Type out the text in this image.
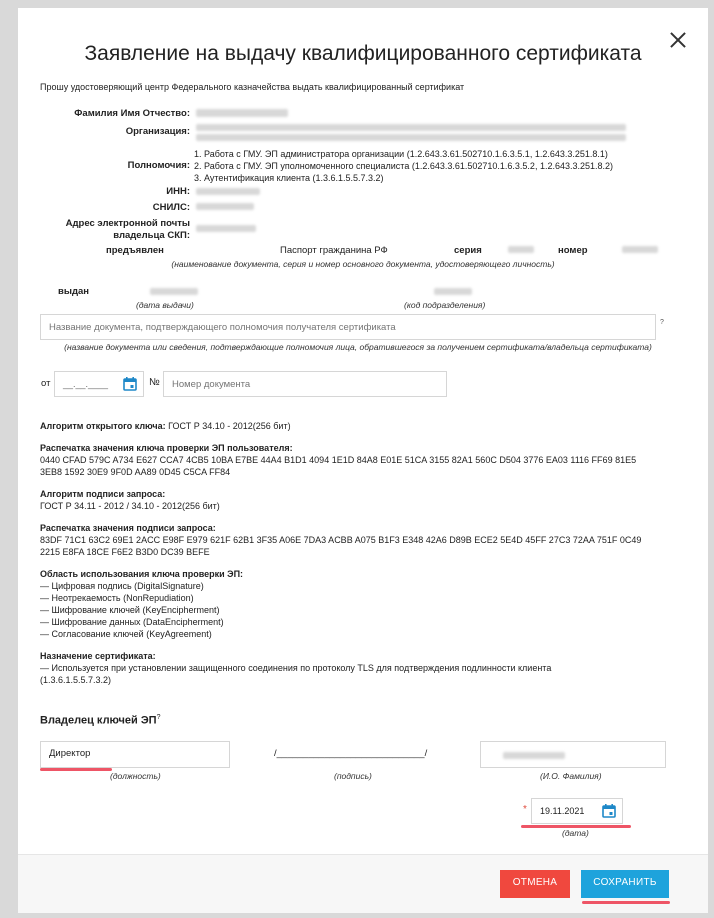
Заявление на выдачу квалифицированного сертификата
Прошу удостоверяющий центр Федерального казначейства выдать квалифицированный сертификат
Фамилия Имя Отчество:
Организация:
Полномочия:
1. Работа с ГМУ. ЭП администратора организации (1.2.643.3.61.502710.1.6.3.5.1, 1.2.643.3.251.8.1)
2. Работа с ГМУ. ЭП уполномоченного специалиста (1.2.643.3.61.502710.1.6.3.5.2, 1.2.643.3.251.8.2)
3. Аутентификация клиента (1.3.6.1.5.5.7.3.2)
ИНН:
СНИЛС:
Адрес электронной почты
владельца СКП:
предъявлен	Паспорт гражданина РФ	серия	номер
(наименование документа, серия и номер основного документа, удостоверяющего личность)
выдан
(дата выдачи)	(код подразделения)
Название документа, подтверждающего полномочия получателя сертификата
?
(название документа или сведения, подтверждающие полномочия лица, обратившегося за получением сертификата/владельца сертификата)
от	__.__.____	№
Номер документа
Алгоритм открытого ключа: ГОСТ Р 34.10 - 2012(256 бит)
Распечатка значения ключа проверки ЭП пользователя:
0440 CFAD 579C A734 E627 CCA7 4CB5 10BA E7BE 44A4 B1D1 4094 1E1D 84A8 E01E 51CA 3155 82A1 560C D504 3776 EA03 1116 FF69 81E5
3EB8 1592 30E9 9F0D AA89 0D45 C5CA FF84
Алгоритм подписи запроса:
ГОСТ Р 34.11 - 2012 / 34.10 - 2012(256 бит)
Распечатка значения подписи запроса:
83DF 71C1 63C2 69E1 2ACC E98F E979 621F 62B1 3F35 A06E 7DA3 ACBB A075 B1F3 E348 42A6 D89B ECE2 5E4D 45FF 27C3 72AA 751F 0C49
2215 E8FA 18CE F6E2 B3D0 DC39 BEFE
Область использования ключа проверки ЭП:
— Цифровая подпись (DigitalSignature)
— Неотрекаемость (NonRepudiation)
— Шифрование ключей (KeyEncipherment)
— Шифрование данных (DataEncipherment)
— Согласование ключей (KeyAgreement)
Назначение сертификата:
— Используется при установлении защищенного соединения по протоколу TLS для подтверждения подлинности клиента
(1.3.6.1.5.5.7.3.2)
Владелец ключей ЭП?
Директор
(должность)
/____________________________/
(подпись)	(И.О. Фамилия)
*	19.11.2021
(дата)
ОТМЕНА	СОХРАНИТЬ
